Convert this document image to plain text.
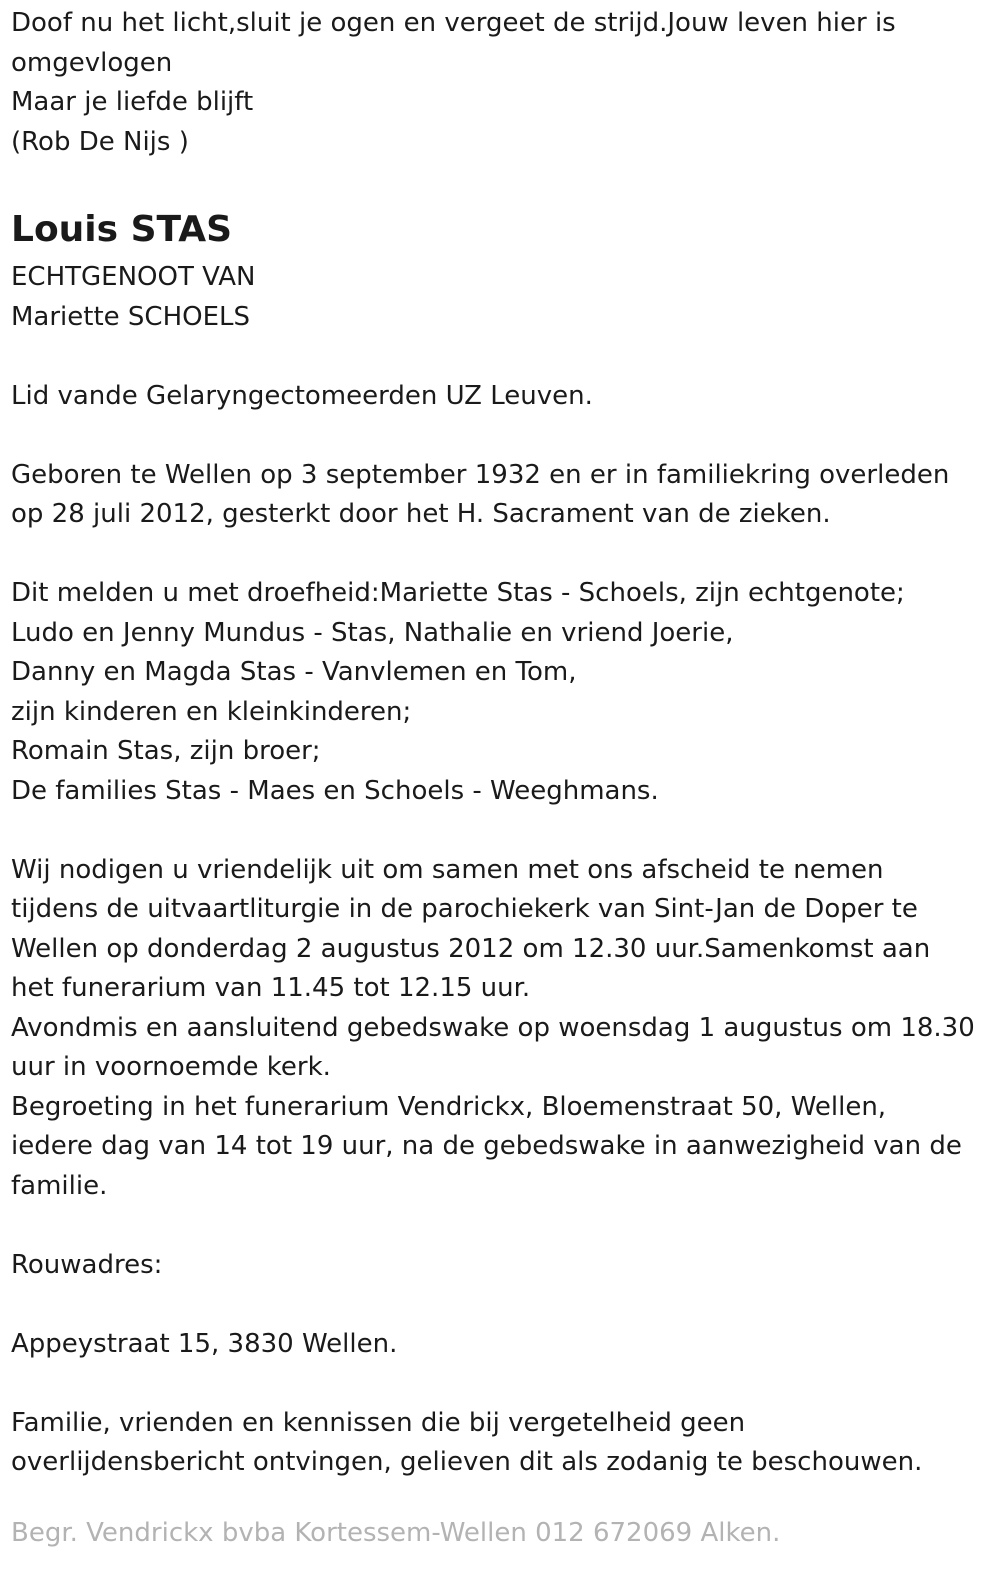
Doof nu het licht,sluit je ogen en vergeet de strijd.Jouw leven hier is
omgevlogen
Maar je liefde blijft
(Rob De Nijs )
Louis STAS
ECHTGENOOT VAN
Mariette SCHOELS
Lid vande Gelaryngectomeerden UZ Leuven.
Geboren te Wellen op 3 september 1932 en er in familiekring overleden
op 28 juli 2012, gesterkt door het H. Sacrament van de zieken.
Dit melden u met droefheid:Mariette Stas - Schoels, zijn echtgenote;
Ludo en Jenny Mundus - Stas, Nathalie en vriend Joerie,
Danny en Magda Stas - Vanvlemen en Tom,
zijn kinderen en kleinkinderen;
Romain Stas, zijn broer;
De families Stas - Maes en Schoels - Weeghmans.
Wij nodigen u vriendelijk uit om samen met ons afscheid te nemen
tijdens de uitvaartliturgie in de parochiekerk van Sint-Jan de Doper te
Wellen op donderdag 2 augustus 2012 om 12.30 uur.Samenkomst aan
het funerarium van 11.45 tot 12.15 uur.
Avondmis en aansluitend gebedswake op woensdag 1 augustus om 18.30
uur in voornoemde kerk.
Begroeting in het funerarium Vendrickx, Bloemenstraat 50, Wellen,
iedere dag van 14 tot 19 uur, na de gebedswake in aanwezigheid van de
familie.
Rouwadres:
Appeystraat 15, 3830 Wellen.
Familie, vrienden en kennissen die bij vergetelheid geen
overlijdensbericht ontvingen, gelieven dit als zodanig te beschouwen.
Begr. Vendrickx bvba Kortessem-Wellen 012 672069 Alken.
